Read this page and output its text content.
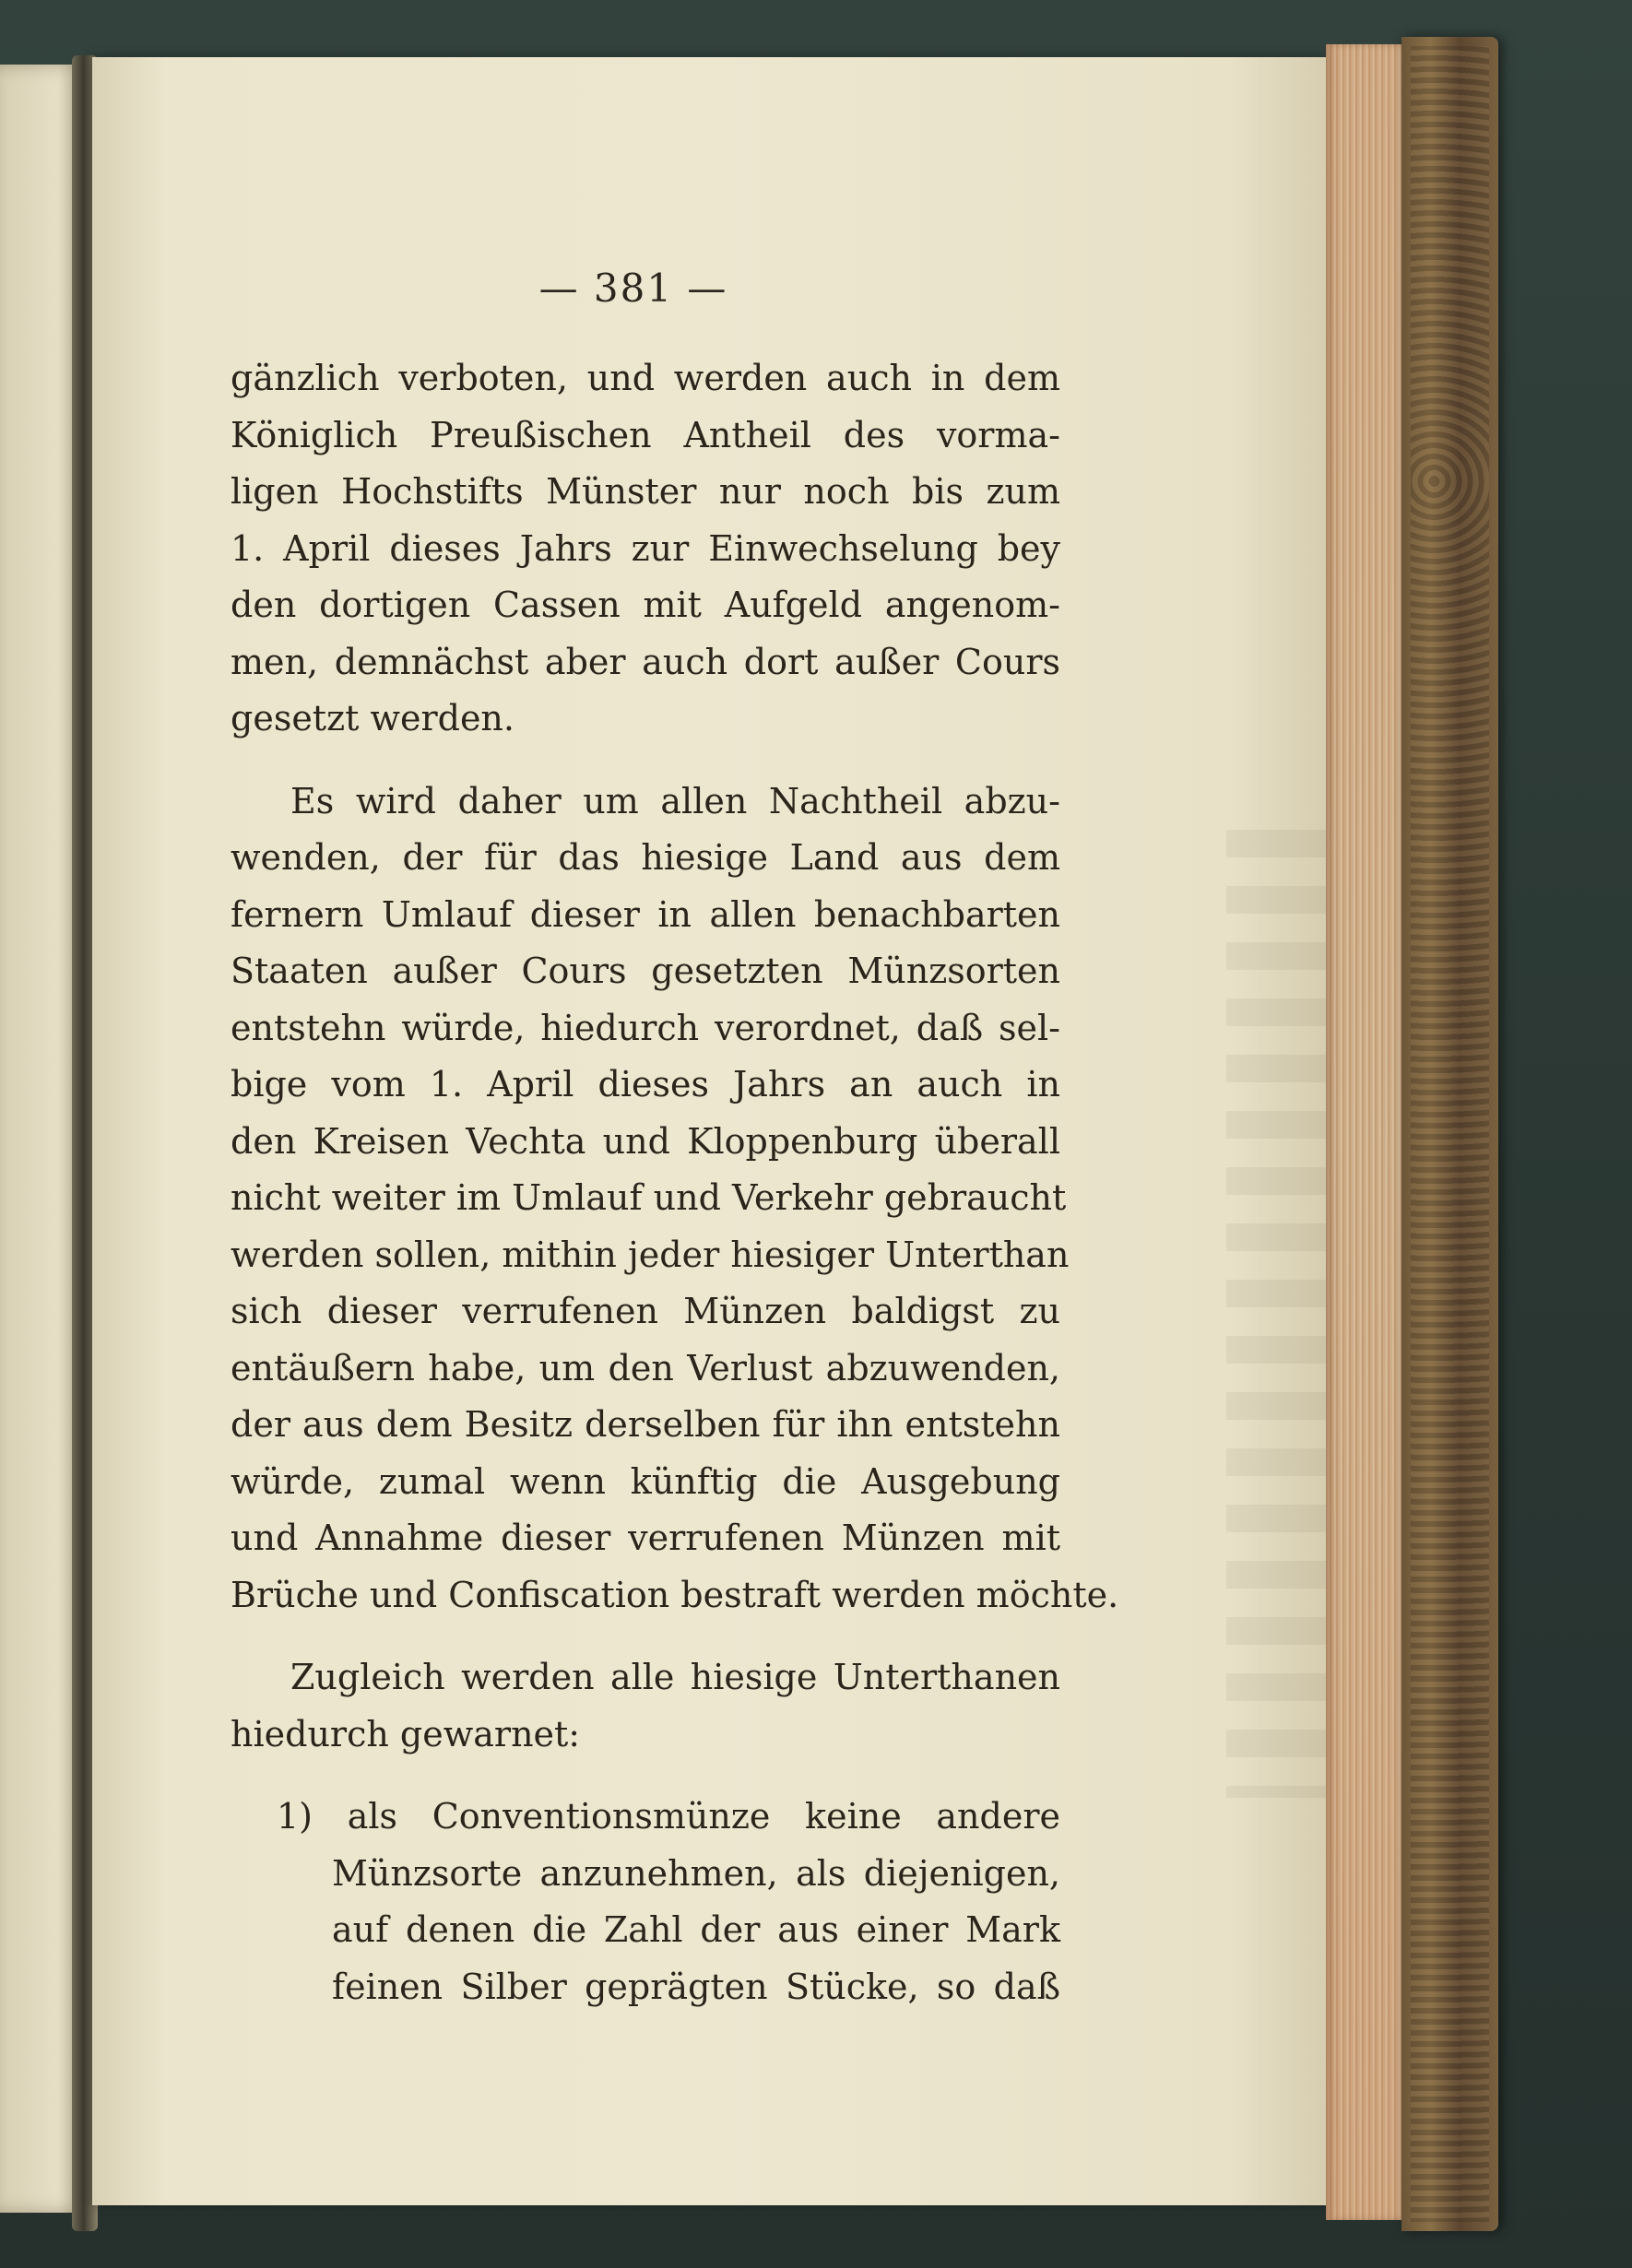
— 381 —
gänzlich verboten, und werden auch in dem
Königlich Preußischen Antheil des vorma-
ligen Hochstifts Münster nur noch bis zum
1. April dieses Jahrs zur Einwechselung bey
den dortigen Cassen mit Aufgeld angenom-
men, demnächst aber auch dort außer Cours
gesetzt werden.
Es wird daher um allen Nachtheil abzu-
wenden, der für das hiesige Land aus dem
fernern Umlauf dieser in allen benachbarten
Staaten außer Cours gesetzten Münzsorten
entstehn würde, hiedurch verordnet, daß sel-
bige vom 1. April dieses Jahrs an auch in
den Kreisen Vechta und Kloppenburg überall
nicht weiter im Umlauf und Verkehr gebraucht
werden sollen, mithin jeder hiesiger Unterthan
sich dieser verrufenen Münzen baldigst zu
entäußern habe, um den Verlust abzuwenden,
der aus dem Besitz derselben für ihn entstehn
würde, zumal wenn künftig die Ausgebung
und Annahme dieser verrufenen Münzen mit
Brüche und Confiscation bestraft werden möchte.
Zugleich werden alle hiesige Unterthanen
hiedurch gewarnet:
1) als Conventionsmünze keine andere
Münzsorte anzunehmen, als diejenigen,
auf denen die Zahl der aus einer Mark
feinen Silber geprägten Stücke, so daß
